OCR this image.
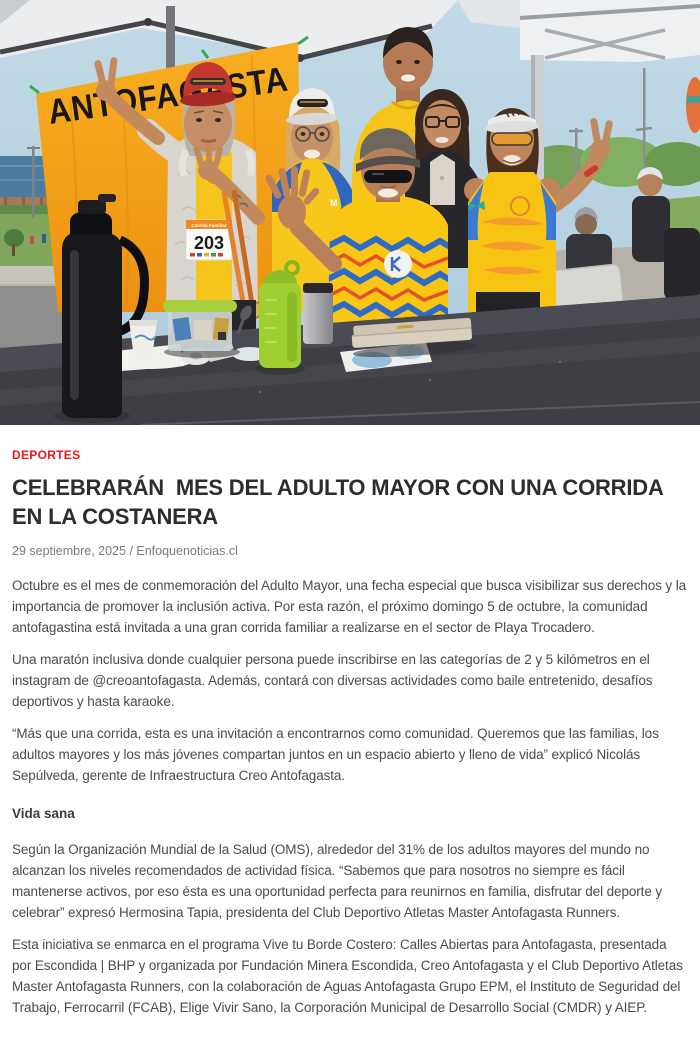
Corrida Familiar
203
M
DEPORTES
CELEBRARÁN  MES DEL ADULTO MAYOR CON UNA CORRIDA EN LA COSTANERA
29 septiembre, 2025 / Enfoquenoticias.cl

Octubre es el mes de conmemoración del Adulto Mayor, una fecha especial que busca visibilizar sus derechos y la importancia de promover la inclusión activa. Por esta razón, el próximo domingo 5 de octubre, la comunidad antofagastina está invitada a una gran corrida familiar a realizarse en el sector de Playa Trocadero.

Una maratón inclusiva donde cualquier persona puede inscribirse en las categorías de 2 y 5 kilómetros en el instagram de @creoantofagasta. Además, contará con diversas actividades como baile entretenido, desafíos deportivos y hasta karaoke.

“Más que una corrida, esta es una invitación a encontrarnos como comunidad. Queremos que las familias, los adultos mayores y los más jóvenes compartan juntos en un espacio abierto y lleno de vida” explicó Nicolás Sepúlveda, gerente de Infraestructura Creo Antofagasta.

Vida sana

Según la Organización Mundial de la Salud (OMS), alrededor del 31% de los adultos mayores del mundo no alcanzan los niveles recomendados de actividad física. “Sabemos que para nosotros no siempre es fácil mantenerse activos, por eso ésta es una oportunidad perfecta para reunirnos en familia, disfrutar del deporte y celebrar” expresó Hermosina Tapia, presidenta del Club Deportivo Atletas Master Antofagasta Runners.

Esta iniciativa se enmarca en el programa Vive tu Borde Costero: Calles Abiertas para Antofagasta, presentada por Escondida | BHP y organizada por Fundación Minera Escondida, Creo Antofagasta y el Club Deportivo Atletas Master Antofagasta Runners, con la colaboración de Aguas Antofagasta Grupo EPM, el Instituto de Seguridad del Trabajo, Ferrocarril (FCAB), Elige Vivir Sano, la Corporación Municipal de Desarrollo Social (CMDR) y AIEP.
